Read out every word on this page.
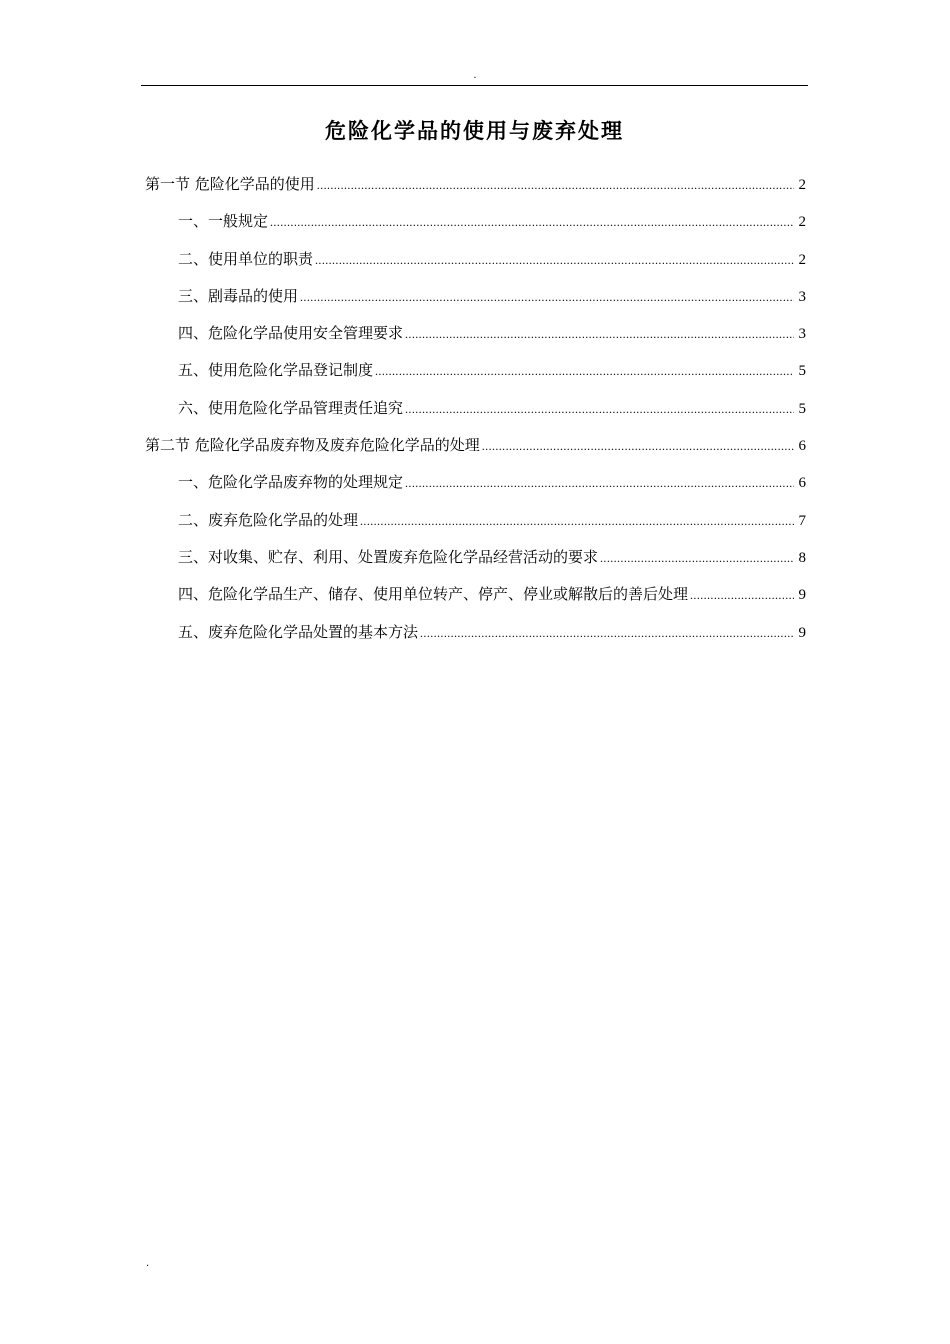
.
危险化学品的使用与废弃处理
第一节 危险化学品的使用 .....	2
一、一般规定 .....	2
二、使用单位的职责 .....	2
三、剧毒品的使用 .....	3
四、危险化学品使用安全管理要求 .....	3
五、使用危险化学品登记制度 .....	5
六、使用危险化学品管理责任追究 .....	5
第二节 危险化学品废弃物及废弃危险化学品的处理 .....	6
一、危险化学品废弃物的处理规定 .....	6
二、废弃危险化学品的处理 .....	7
三、对收集、贮存、利用、处置废弃危险化学品经营活动的要求 .....	8
四、危险化学品生产、储存、使用单位转产、停产、停业或解散后的善后处理 .....	9
五、废弃危险化学品处置的基本方法 .....	9
.
